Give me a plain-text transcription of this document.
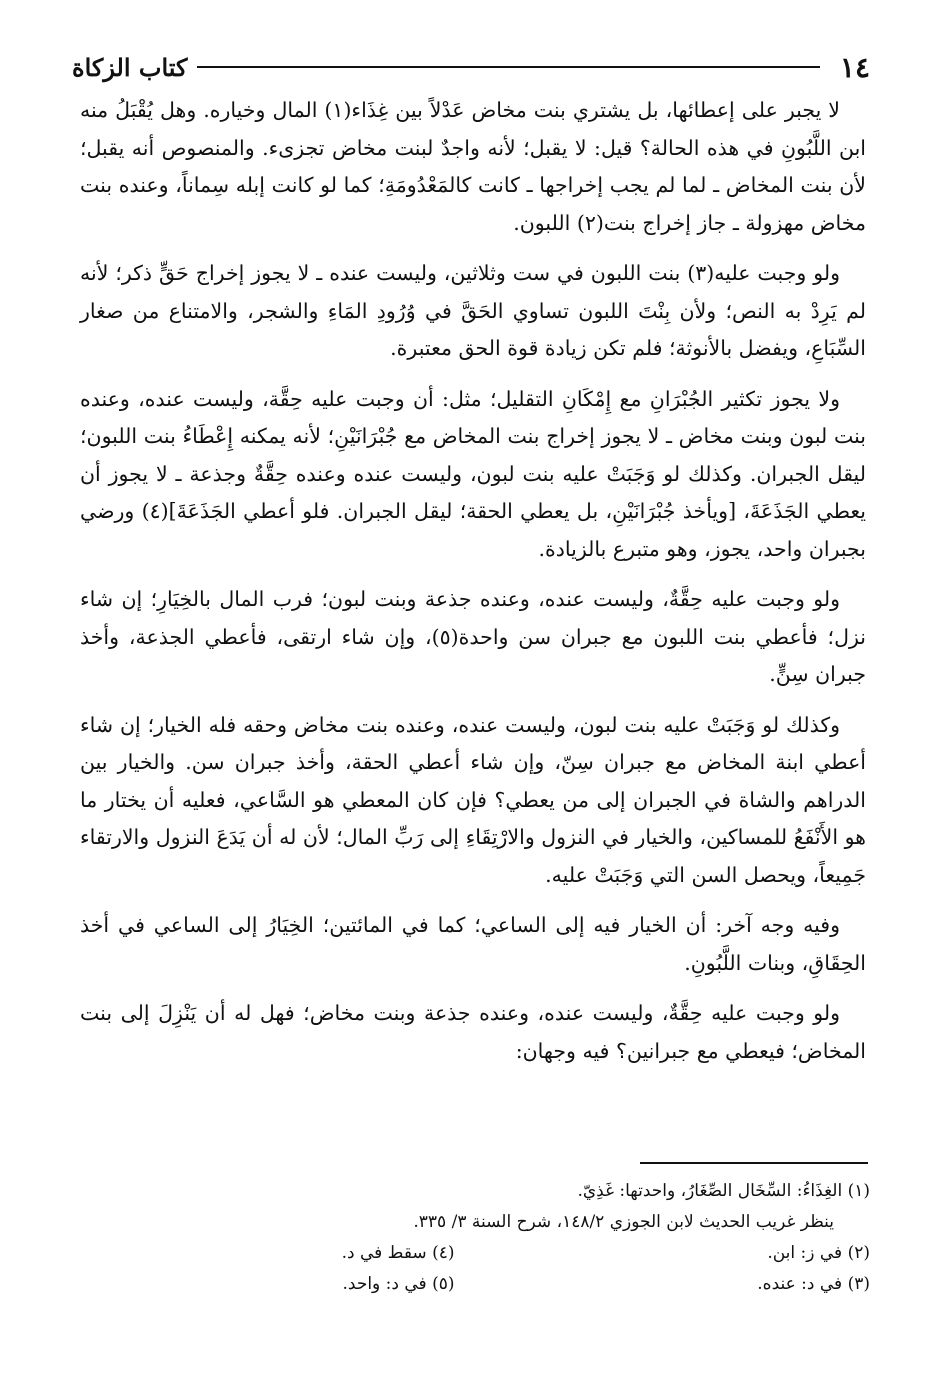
١٤
كتاب الزكاة

لا يجبر على إعطائها، بل يشتري بنت مخاض عَدْلاً بين غِذَاء(١) المال وخياره. وهل يُقْبَلُ منه ابن اللَّبُونِ في هذه الحالة؟ قيل: لا يقبل؛ لأنه واجدٌ لبنت مخاض تجزىء. والمنصوص أنه يقبل؛ لأن بنت المخاض ـ لما لم يجب إخراجها ـ كانت كالمَعْدُومَةِ؛ كما لو كانت إبله سِماناً، وعنده بنت مخاض مهزولة ـ جاز إخراج بنت(٢) اللبون.

ولو وجبت عليه(٣) بنت اللبون في ست وثلاثين، وليست عنده ـ لا يجوز إخراج حَقٍّ ذكر؛ لأنه لم يَرِدْ به النص؛ ولأن بِنْتَ اللبون تساوي الحَقَّ في وُرُودِ المَاءِ والشجر، والامتناع من صغار السِّبَاعِ، ويفضل بالأنوثة؛ فلم تكن زيادة قوة الحق معتبرة.

ولا يجوز تكثير الجُبْرَانِ مع إِمْكَانِ التقليل؛ مثل: أن وجبت عليه حِقَّة، وليست عنده، وعنده بنت لبون وبنت مخاض ـ لا يجوز إخراج بنت المخاض مع جُبْرَانَيْنِ؛ لأنه يمكنه إِعْطَاءُ بنت اللبون؛ ليقل الجبران. وكذلك لو وَجَبَتْ عليه بنت لبون، وليست عنده وعنده حِقَّةٌ وجذعة ـ لا يجوز أن يعطي الجَذَعَةَ، [ويأخذ جُبْرَانَيْنِ، بل يعطي الحقة؛ ليقل الجبران. فلو أعطي الجَذَعَةَ](٤) ورضي بجبران واحد، يجوز، وهو متبرع بالزيادة.

ولو وجبت عليه حِقَّةٌ، وليست عنده، وعنده جذعة وبنت لبون؛ فرب المال بالخِيَارِ؛ إن شاء نزل؛ فأعطي بنت اللبون مع جبران سن واحدة(٥)، وإن شاء ارتقى، فأعطي الجذعة، وأخذ جبران سِنٍّ.

وكذلك لو وَجَبَتْ عليه بنت لبون، وليست عنده، وعنده بنت مخاض وحقه فله الخيار؛ إن شاء أعطي ابنة المخاض مع جبران سِنّ، وإن شاء أعطي الحقة، وأخذ جبران سن. والخيار بين الدراهم والشاة في الجبران إلى من يعطي؟ فإن كان المعطي هو السَّاعي، فعليه أن يختار ما هو الأَنْفَعُ للمساكين، والخيار في النزول والارْتِقَاءِ إلى رَبِّ المال؛ لأن له أن يَدَعَ النزول والارتقاء جَمِيعاً، ويحصل السن التي وَجَبَتْ عليه.

وفيه وجه آخر: أن الخيار فيه إلى الساعي؛ كما في المائتين؛ الخِيَارُ إلى الساعي في أخذ الحِقَاقِ، وبنات اللَّبُونِ.

ولو وجبت عليه حِقَّةٌ، وليست عنده، وعنده جذعة وبنت مخاض؛ فهل له أن يَنْزِلَ إلى بنت المخاض؛ فيعطي مع جبرانين؟ فيه وجهان:

(١) الغِذَاءُ: السِّخَال الصِّغَارُ، واحدتها: غَذِيّ.

ينظر غريب الحديث لابن الجوزي ١٤٨/٢، شرح السنة ٣/ ٣٣٥.

(٢) في ز: ابن.

(٣) في د: عنده.

(٤) سقط في د.

(٥) في د: واحد.
